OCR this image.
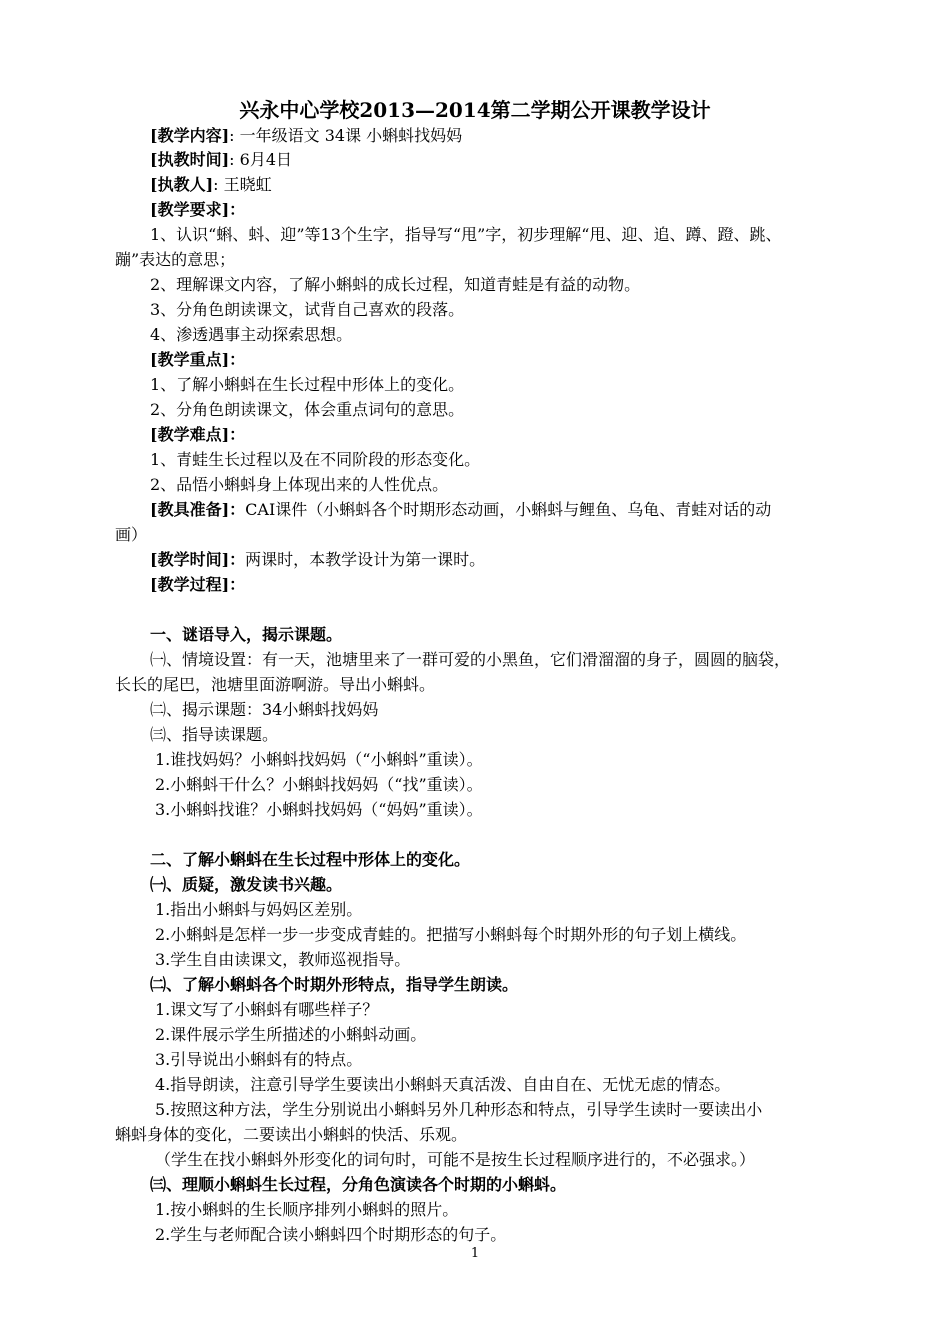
兴永中心学校2013—2014第二学期公开课教学设计
[教学内容]: 一年级语文 34课 小蝌蚪找妈妈
[执教时间]: 6月4日
[执教人]: 王晓虹
[教学要求]：
1、认识“蝌、蚪、迎”等13个生字，指导写“甩”字，初步理解“甩、迎、追、蹲、蹬、跳、
蹦”表达的意思；
2、理解课文内容，了解小蝌蚪的成长过程，知道青蛙是有益的动物。
3、分角色朗读课文，试背自己喜欢的段落。
4、渗透遇事主动探索思想。
[教学重点]：
1、了解小蝌蚪在生长过程中形体上的变化。
2、分角色朗读课文，体会重点词句的意思。
[教学难点]：
1、青蛙生长过程以及在不同阶段的形态变化。
2、品悟小蝌蚪身上体现出来的人性优点。
[教具准备]：CAI课件（小蝌蚪各个时期形态动画，小蝌蚪与鲤鱼、乌龟、青蛙对话的动
画）
[教学时间]：两课时，本教学设计为第一课时。
[教学过程]：
一、谜语导入，揭示课题。
㈠、情境设置：有一天，池塘里来了一群可爱的小黑鱼，它们滑溜溜的身子，圆圆的脑袋，
长长的尾巴，池塘里面游啊游。导出小蝌蚪。
㈡、揭示课题：34小蝌蚪找妈妈
㈢、指导读课题。
1.谁找妈妈？小蝌蚪找妈妈（“小蝌蚪”重读）。
2.小蝌蚪干什么？小蝌蚪找妈妈（“找”重读）。
3.小蝌蚪找谁？小蝌蚪找妈妈（“妈妈”重读）。
二、了解小蝌蚪在生长过程中形体上的变化。
㈠、质疑，激发读书兴趣。
1.指出小蝌蚪与妈妈区差别。
2.小蝌蚪是怎样一步一步变成青蛙的。把描写小蝌蚪每个时期外形的句子划上横线。
3.学生自由读课文，教师巡视指导。
㈡、了解小蝌蚪各个时期外形特点，指导学生朗读。
1.课文写了小蝌蚪有哪些样子？
2.课件展示学生所描述的小蝌蚪动画。
3.引导说出小蝌蚪有的特点。
4.指导朗读，注意引导学生要读出小蝌蚪天真活泼、自由自在、无忧无虑的情态。
5.按照这种方法，学生分别说出小蝌蚪另外几种形态和特点，引导学生读时一要读出小
蝌蚪身体的变化，二要读出小蝌蚪的快活、乐观。
（学生在找小蝌蚪外形变化的词句时，可能不是按生长过程顺序进行的，不必强求。）
㈢、理顺小蝌蚪生长过程，分角色演读各个时期的小蝌蚪。
1.按小蝌蚪的生长顺序排列小蝌蚪的照片。
2.学生与老师配合读小蝌蚪四个时期形态的句子。
1
